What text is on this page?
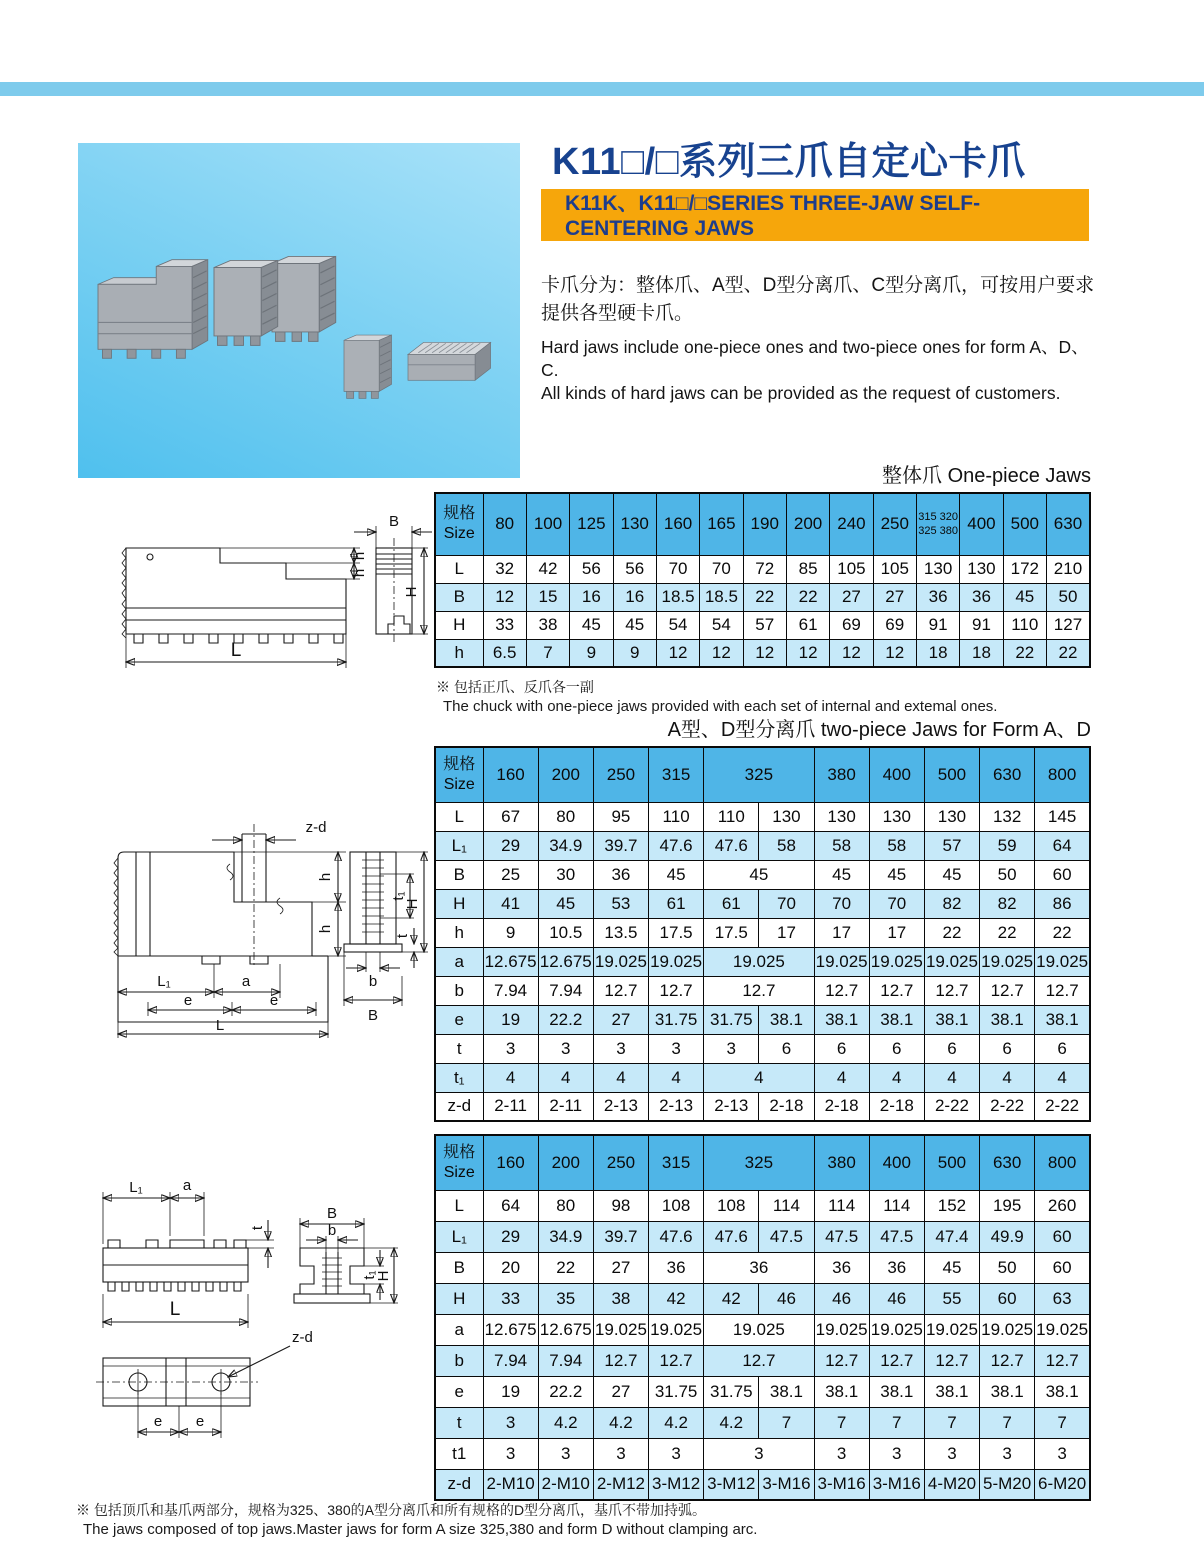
K11□/□系列三爪自定心卡爪
K11K、K11□/□SERIES THREE-JAW SELF-CENTERING JAWS

卡爪分为：整体爪、A型、D型分离爪、C型分离爪，可按用户要求提供各型硬卡爪。

Hard jaws include one-piece ones and two-piece ones for form A、D、C.
All kinds of hard jaws can be provided as the request of customers.

h
h
L
B
H
整体爪 One-piece Jaws
规格
Size
	80	100	125	130	160	165	190	200	240	250	315 320
325 380	400	500	630
L	32	42	56	56	70	70	72	85	105	105	130	130	172	210
B	12	15	16	16	18.5	18.5	22	22	27	27	36	36	45	50
H	33	38	45	45	54	54	57	61	69	69	91	91	110	127
h	6.5	7	9	9	12	12	12	12	12	12	18	18	22	22
※ 包括正爪、反爪各一副
The chuck with one-piece jaws provided with each set of internal and extemal ones.
A型、D型分离爪 two-piece Jaws for Form A、D
z-d
h
h
L₁	a
e	e
L
t₁
H
b
t
B
规格
Size	160	200	250	315	325		380	400	500	630	800
L	67	80	95	110	110	130	130	130	130	132	145
L₁	29	34.9	39.7	47.6	47.6	58	58	58	57	59	64
B	25	30	36	45	45		45	45	45	50	60
H	41	45	53	61	61	70	70	70	82	82	86
h	9	10.5	13.5	17.5	17.5	17	17	17	22	22	22
a	12.675	12.675	19.025	19.025	19.025		19.025	19.025	19.025	19.025	19.025
b	7.94	7.94	12.7	12.7	12.7		12.7	12.7	12.7	12.7	12.7
e	19	22.2	27	31.75	31.75	38.1	38.1	38.1	38.1	38.1	38.1
t	3	3	3	3	3	6	6	6	6	6	6
t₁	4	4	4	4	4		4	4	4	4	4
z-d	2-11	2-11	2-13	2-13	2-13	2-18	2-18	2-18	2-22	2-22	2-22
L₁	a
t
L
B
b
t₁
H
z-d
e e
规格
Size	160	200	250	315	325		380	400	500	630	800
L	64	80	98	108	108	114	114	114	152	195	260
L₁	29	34.9	39.7	47.6	47.6	47.5	47.5	47.5	47.4	49.9	60
B	20	22	27	36	36		36	36	45	50	60
H	33	35	38	42	42	46	46	46	55	60	63
a	12.675	12.675	19.025	19.025	19.025		19.025	19.025	19.025	19.025	19.025
b	7.94	7.94	12.7	12.7	12.7		12.7	12.7	12.7	12.7	12.7
e	19	22.2	27	31.75	31.75	38.1	38.1	38.1	38.1	38.1	38.1
t	3	4.2	4.2	4.2	4.2	7	7	7	7	7	7
t1	3	3	3	3	3		3	3	3	3	3
z-d	2-M10	2-M10	2-M12	3-M12	3-M12	3-M16	3-M16	3-M16	4-M20	5-M20	6-M20
※ 包括顶爪和基爪两部分，规格为325、380的A型分离爪和所有规格的D型分离爪，基爪不带加持弧。
The jaws composed of top jaws.Master jaws for form A size 325,380 and form D without clamping arc.
